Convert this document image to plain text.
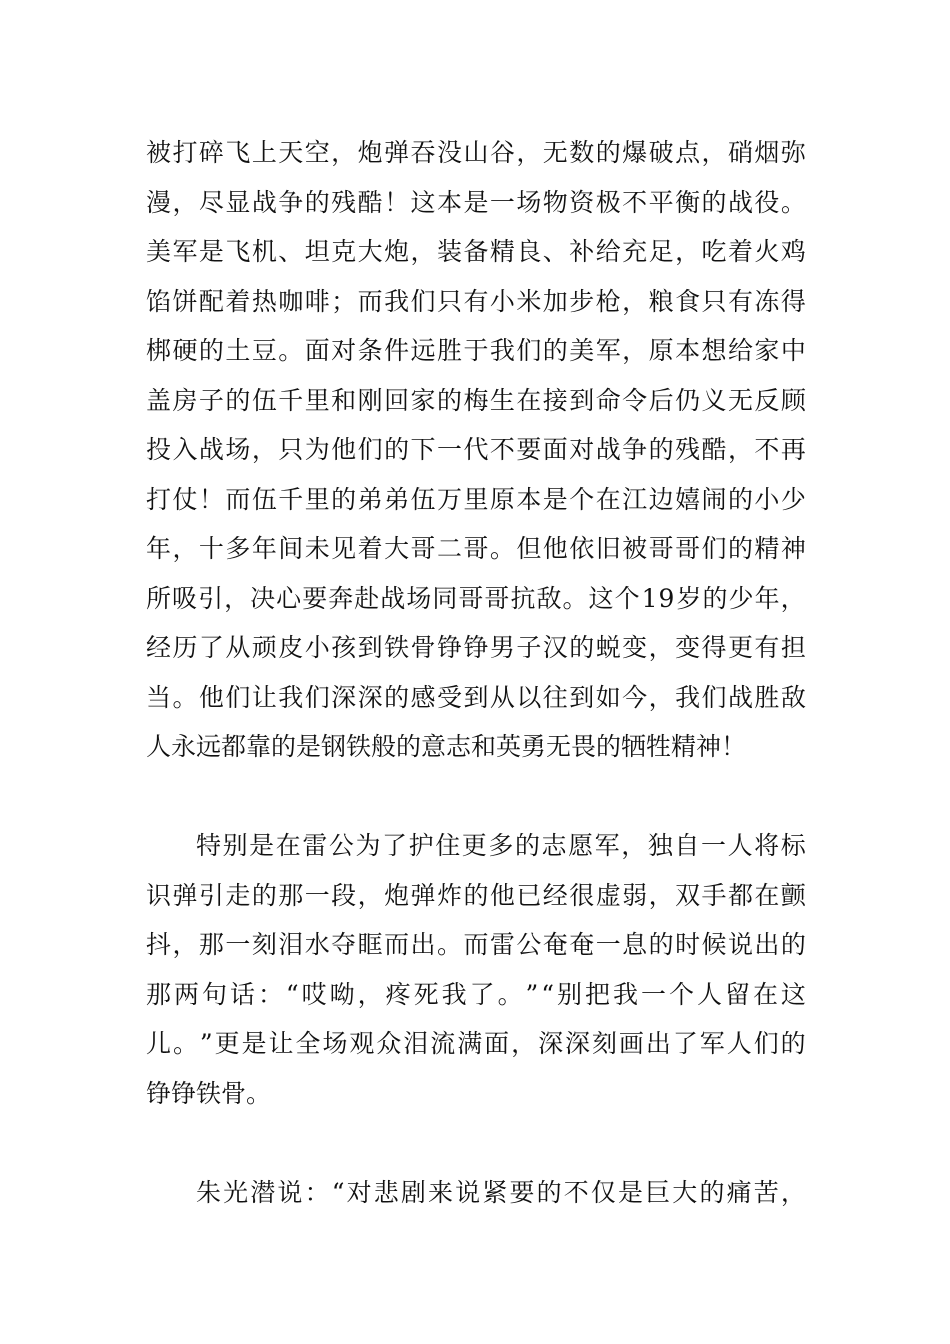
被 打 碎 飞 上 天 空 ， 炮 弹 吞 没 山 谷 ， 无 数 的 爆 破 点 ， 硝 烟 弥
漫 ， 尽 显 战 争 的 残 酷 ！ 这 本 是 一 场 物 资 极 不 平 衡 的 战 役 。
美 军 是 飞 机 、 坦 克 大 炮 ， 装 备 精 良 、 补 给 充 足 ， 吃 着 火 鸡
馅 饼 配 着 热 咖 啡 ； 而 我 们 只 有 小 米 加 步 枪 ， 粮 食 只 有 冻 得
梆 硬 的 土 豆 。 面 对 条 件 远 胜 于 我 们 的 美 军 ， 原 本 想 给 家 中
盖 房 子 的 伍 千 里 和 刚 回 家 的 梅 生 在 接 到 命 令 后 仍 义 无 反 顾
投 入 战 场 ， 只 为 他 们 的 下 一 代 不 要 面 对 战 争 的 残 酷 ， 不 再
打 仗 ！ 而 伍 千 里 的 弟 弟 伍 万 里 原 本 是 个 在 江 边 嬉 闹 的 小 少
年 ， 十 多 年 间 未 见 着 大 哥 二 哥 。 但 他 依 旧 被 哥 哥 们 的 精 神
所 吸 引 ， 决 心 要 奔 赴 战 场 同 哥 哥 抗 敌 。 这 个 1 9 岁 的 少 年 ，
经 历 了 从 顽 皮 小 孩 到 铁 骨 铮 铮 男 子 汉 的 蜕 变 ， 变 得 更 有 担
当 。 他 们 让 我 们 深 深 的 感 受 到 从 以 往 到 如 今 ， 我 们 战 胜 敌
人永远都靠的是钢铁般的意志和英勇无畏的牺牲精神！
特 别 是 在 雷 公 为 了 护 住 更 多 的 志 愿 军 ， 独 自 一 人 将 标
识 弹 引 走 的 那 一 段 ， 炮 弹 炸 的 他 已 经 很 虚 弱 ， 双 手 都 在 颤
抖 ， 那 一 刻 泪 水 夺 眶 而 出 。 而 雷 公 奄 奄 一 息 的 时 候 说 出 的
那 两 句 话 ： “ 哎 呦 ， 疼 死 我 了 。 ” “ 别 把 我 一 个 人 留 在 这
儿 。 ” 更 是 让 全 场 观 众 泪 流 满 面 ， 深 深 刻 画 出 了 军 人 们 的
铮铮铁骨。
朱 光 潜 说 ： “ 对 悲 剧 来 说 紧 要 的 不 仅 是 巨 大 的 痛 苦 ，
